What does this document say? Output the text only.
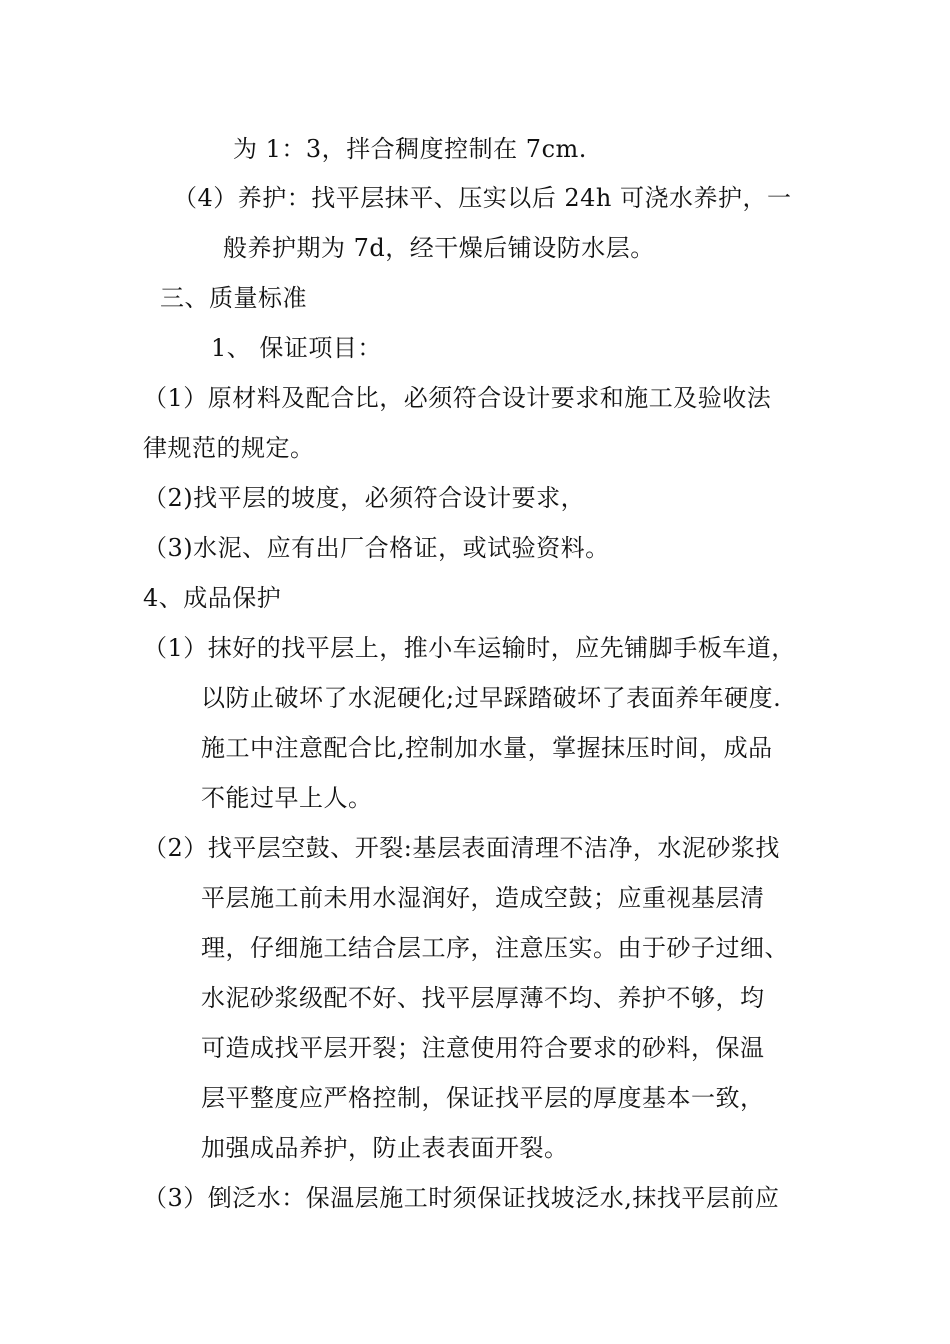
为 1：3，拌合稠度控制在 7cm.
（4）养护：找平层抹平、压实以后 24h 可浇水养护，一
般养护期为 7d，经干燥后铺设防水层。
三、质量标准
1、 保证项目：
（1）原材料及配合比，必须符合设计要求和施工及验收法
律规范的规定。
（2)找平层的坡度，必须符合设计要求，
（3)水泥、应有出厂合格证，或试验资料。
4、成品保护
（1）抹好的找平层上，推小车运输时，应先铺脚手板车道，
以防止破坏了水泥硬化;过早踩踏破坏了表面养年硬度.
施工中注意配合比,控制加水量，掌握抹压时间，成品
不能过早上人。
（2）找平层空鼓、开裂:基层表面清理不洁净，水泥砂浆找
平层施工前未用水湿润好，造成空鼓；应重视基层清
理，仔细施工结合层工序，注意压实。由于砂子过细、
水泥砂浆级配不好、找平层厚薄不均、养护不够，均
可造成找平层开裂；注意使用符合要求的砂料，保温
层平整度应严格控制，保证找平层的厚度基本一致，
加强成品养护，防止表表面开裂。
（3）倒泛水：保温层施工时须保证找坡泛水,抹找平层前应
